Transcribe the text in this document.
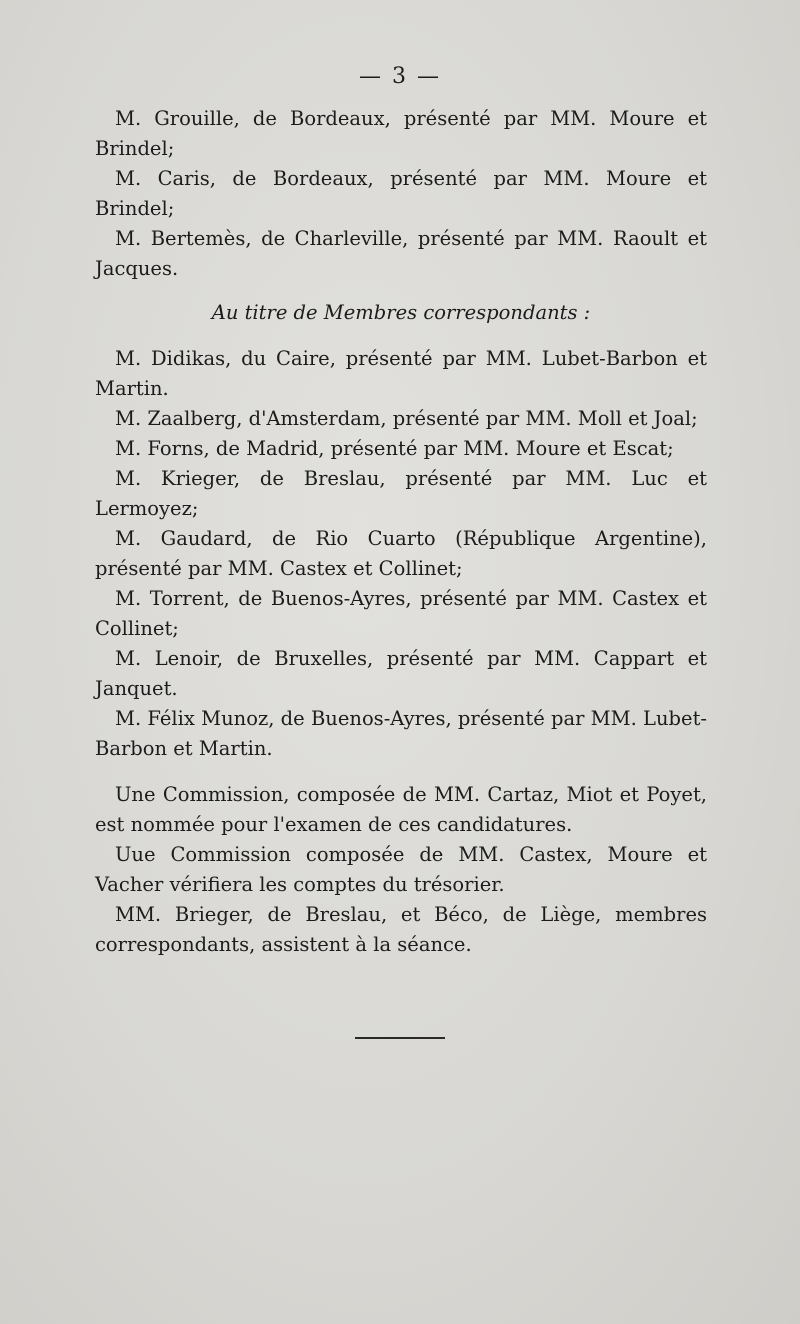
— 3 —

M. Grouille, de Bordeaux, présenté par MM. Moure et Brindel;

M. Caris, de Bordeaux, présenté par MM. Moure et Brindel;

M. Bertemès, de Charleville, présenté par MM. Raoult et Jacques.

Au titre de Membres correspondants :

M. Didikas, du Caire, présenté par MM. Lubet-Barbon et Martin.

M. Zaalberg, d'Amsterdam, présenté par MM. Moll et Joal;

M. Forns, de Madrid, présenté par MM. Moure et Escat;

M. Krieger, de Breslau, présenté par MM. Luc et Lermoyez;

M. Gaudard, de Rio Cuarto (République Argentine), présenté par MM. Castex et Collinet;

M. Torrent, de Buenos-Ayres, présenté par MM. Castex et Collinet;

M. Lenoir, de Bruxelles, présenté par MM. Cappart et Janquet.

M. Félix Munoz, de Buenos-Ayres, présenté par MM. Lubet-Barbon et Martin.

Une Commission, composée de MM. Cartaz, Miot et Poyet, est nommée pour l'examen de ces candidatures.

Uue Commission composée de MM. Castex, Moure et Vacher vérifiera les comptes du trésorier.

MM. Brieger, de Breslau, et Béco, de Liège, membres correspondants, assistent à la séance.
